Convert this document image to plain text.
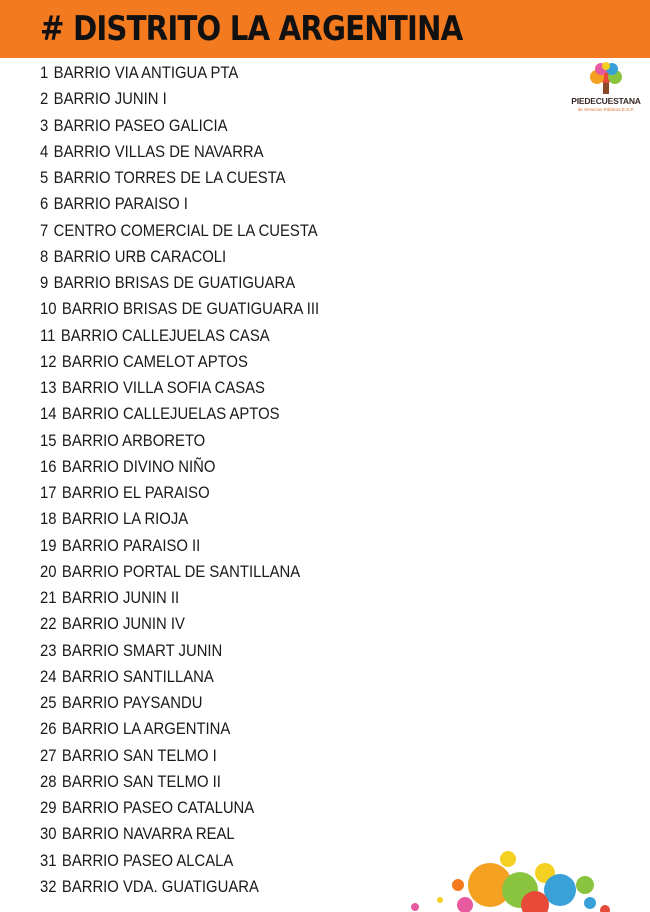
# DISTRITO LA ARGENTINA
PIEDECUESTANA
de Servicios Públicos E.S.P.
1 BARRIO VIA ANTIGUA PTA
2 BARRIO JUNIN I
3 BARRIO PASEO GALICIA
4 BARRIO VILLAS DE NAVARRA
5 BARRIO TORRES DE LA CUESTA
6 BARRIO PARAISO I
7 CENTRO COMERCIAL DE LA CUESTA
8 BARRIO URB CARACOLI
9 BARRIO BRISAS DE GUATIGUARA
10 BARRIO BRISAS DE GUATIGUARA III
11 BARRIO CALLEJUELAS CASA
12 BARRIO CAMELOT APTOS
13 BARRIO VILLA SOFIA CASAS
14 BARRIO CALLEJUELAS APTOS
15 BARRIO ARBORETO
16 BARRIO DIVINO NIÑO
17 BARRIO EL PARAISO
18 BARRIO LA RIOJA
19 BARRIO PARAISO II
20 BARRIO PORTAL DE SANTILLANA
21 BARRIO JUNIN II
22 BARRIO JUNIN IV
23 BARRIO SMART JUNIN
24 BARRIO SANTILLANA
25 BARRIO PAYSANDU
26 BARRIO LA ARGENTINA
27 BARRIO SAN TELMO I
28 BARRIO SAN TELMO II
29 BARRIO PASEO CATALUNA
30 BARRIO NAVARRA REAL
31 BARRIO PASEO ALCALA
32 BARRIO VDA. GUATIGUARA
